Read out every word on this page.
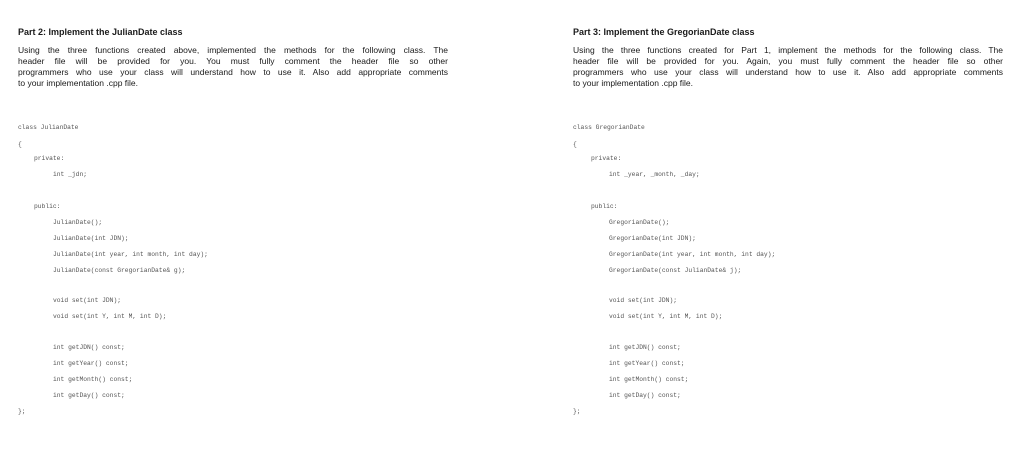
Part 2: Implement the JulianDate class
Using the three functions created above, implemented the methods for the following class. The
header file will be provided for you. You must fully comment the header file so other
programmers who use your class will understand how to use it. Also add appropriate comments
to your implementation .cpp file.
class JulianDate
{
private:
int _jdn;
public:
JulianDate();
JulianDate(int JDN);
JulianDate(int year, int month, int day);
JulianDate(const GregorianDate& g);
void set(int JDN);
void set(int Y, int M, int D);
int getJDN() const;
int getYear() const;
int getMonth() const;
int getDay() const;
};
Part 3: Implement the GregorianDate class
Using the three functions created for Part 1, implement the methods for the following class. The
header file will be provided for you. Again, you must fully comment the header file so other
programmers who use your class will understand how to use it. Also add appropriate comments
to your implementation .cpp file.
class GregorianDate
{
private:
int _year, _month, _day;
public:
GregorianDate();
GregorianDate(int JDN);
GregorianDate(int year, int month, int day);
GregorianDate(const JulianDate& j);
void set(int JDN);
void set(int Y, int M, int D);
int getJDN() const;
int getYear() const;
int getMonth() const;
int getDay() const;
};
